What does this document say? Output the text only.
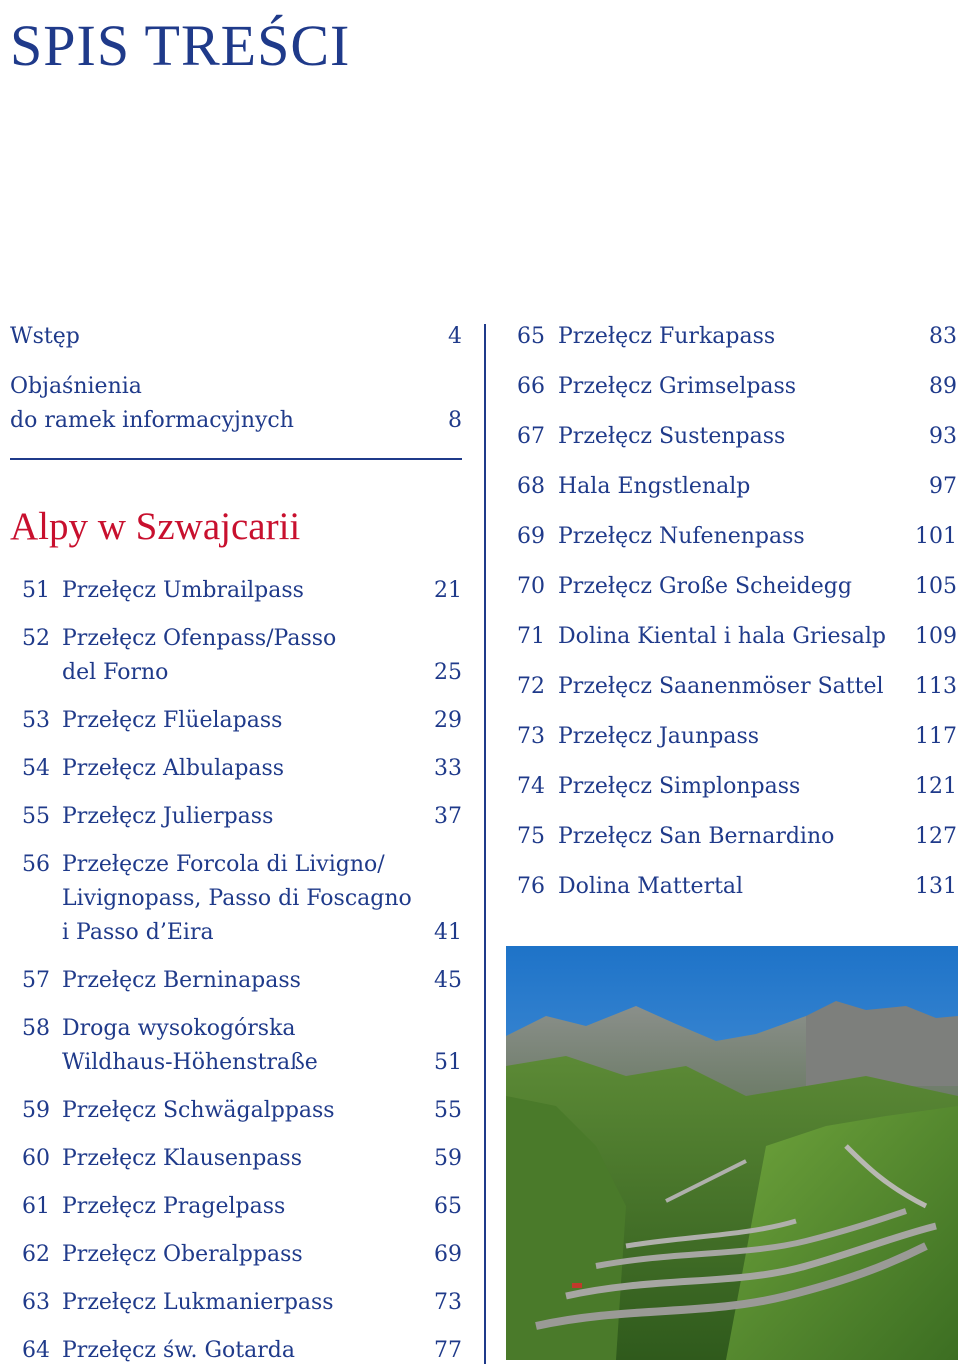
SPIS TREŚCI
Wstęp	4
Objaśnienia
do ramek informacyjnych	8
Alpy w Szwajcarii
51 Przełęcz Umbrailpass	21
52 Przełęcz Ofenpass/Passo
del Forno	25
53 Przełęcz Flüelapass	29
54 Przełęcz Albulapass	33
55 Przełęcz Julierpass	37
56 Przełęcze Forcola di Livigno/
Livignopass, Passo di Foscagno
i Passo d’Eira	41
57 Przełęcz Berninapass	45
58 Droga wysokogórska
Wildhaus-Höhenstraße	51
59 Przełęcz Schwägalppass	55
60 Przełęcz Klausenpass	59
61 Przełęcz Pragelpass	65
62 Przełęcz Oberalppass	69
63 Przełęcz Lukmanierpass	73
64 Przełęcz św. Gotarda	77
65 Przełęcz Furkapass	83
66 Przełęcz Grimselpass	89
67 Przełęcz Sustenpass	93
68 Hala Engstlenalp	97
69 Przełęcz Nufenenpass	101
70 Przełęcz Große Scheidegg	105
71 Dolina Kiental i hala Griesalp	109
72 Przełęcz Saanenmöser Sattel	113
73 Przełęcz Jaunpass	117
74 Przełęcz Simplonpass	121
75 Przełęcz San Bernardino	127
76 Dolina Mattertal	131
